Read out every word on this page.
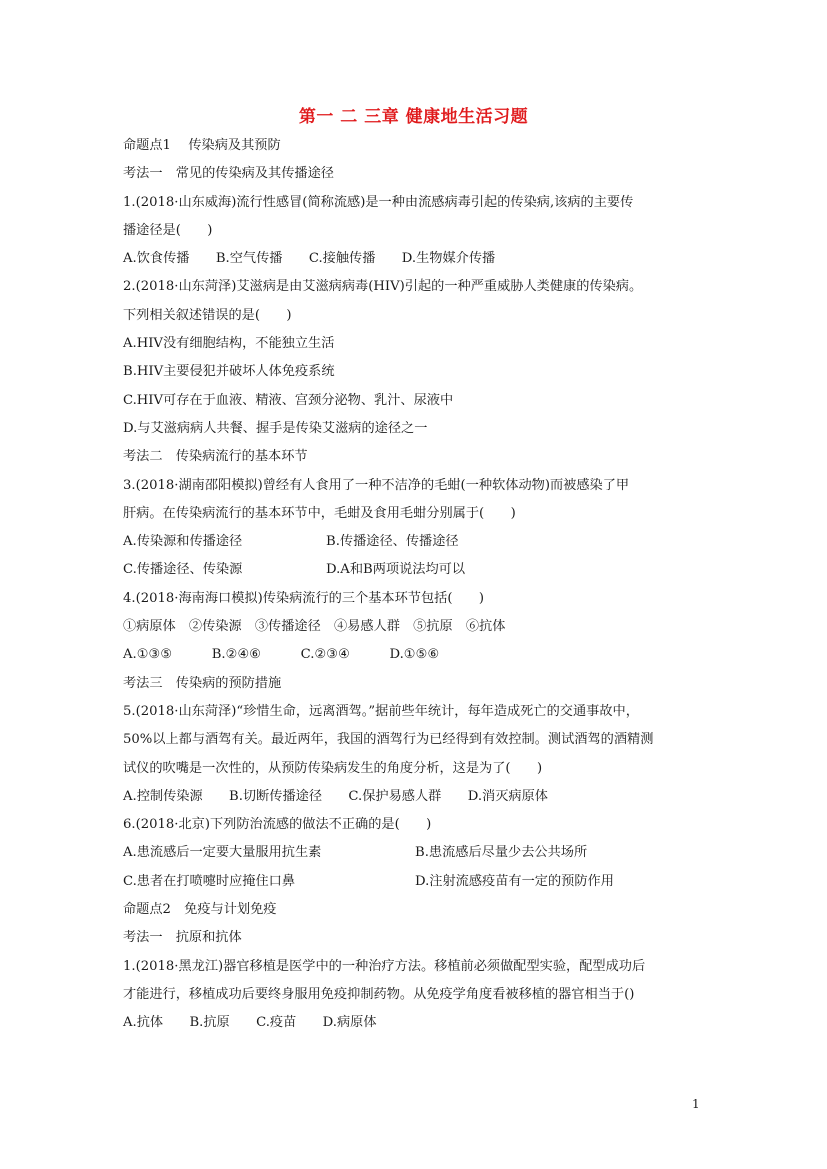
第一 二 三章 健康地生活习题
命题点1　 传染病及其预防
考法一　常见的传染病及其传播途径
1.(2018·山东威海)流行性感冒(简称流感)是一种由流感病毒引起的传染病,该病的主要传
播途径是(　　)
A.饮食传播　　B.空气传播　　C.接触传播　　D.生物媒介传播
2.(2018·山东菏泽)艾滋病是由艾滋病病毒(HIV)引起的一种严重威胁人类健康的传染病。
下列相关叙述错误的是(　　)
A.HIV没有细胞结构，不能独立生活
B.HIV主要侵犯并破坏人体免疫系统
C.HIV可存在于血液、精液、宫颈分泌物、乳汁、尿液中
D.与艾滋病病人共餐、握手是传染艾滋病的途径之一
考法二　传染病流行的基本环节
3.(2018·湖南邵阳模拟)曾经有人食用了一种不洁净的毛蚶(一种软体动物)而被感染了甲
肝病。在传染病流行的基本环节中，毛蚶及食用毛蚶分别属于(　　)
A.传染源和传播途径	B.传播途径、传播途径
C.传播途径、传染源	D.A和B两项说法均可以
4.(2018·海南海口模拟)传染病流行的三个基本环节包括(　　)
①病原体　②传染源　③传播途径　④易感人群　⑤抗原　⑥抗体
A.①③⑤　　　B.②④⑥　　　C.②③④　　　D.①⑤⑥
考法三　传染病的预防措施
5.(2018·山东菏泽)“珍惜生命，远离酒驾。”据前些年统计，每年造成死亡的交通事故中，
50%以上都与酒驾有关。最近两年，我国的酒驾行为已经得到有效控制。测试酒驾的酒精测
试仪的吹嘴是一次性的，从预防传染病发生的角度分析，这是为了(　　)
A.控制传染源　　B.切断传播途径　　C.保护易感人群　　D.消灭病原体
6.(2018·北京)下列防治流感的做法不正确的是(　　)
A.患流感后一定要大量服用抗生素	B.患流感后尽量少去公共场所
C.患者在打喷嚏时应掩住口鼻	D.注射流感疫苗有一定的预防作用
命题点2　免疫与计划免疫
考法一　抗原和抗体
1.(2018·黑龙江)器官移植是医学中的一种治疗方法。移植前必须做配型实验，配型成功后
才能进行，移植成功后要终身服用免疫抑制药物。从免疫学角度看被移植的器官相当于()
A.抗体　　B.抗原　　C.疫苗　　D.病原体
1
